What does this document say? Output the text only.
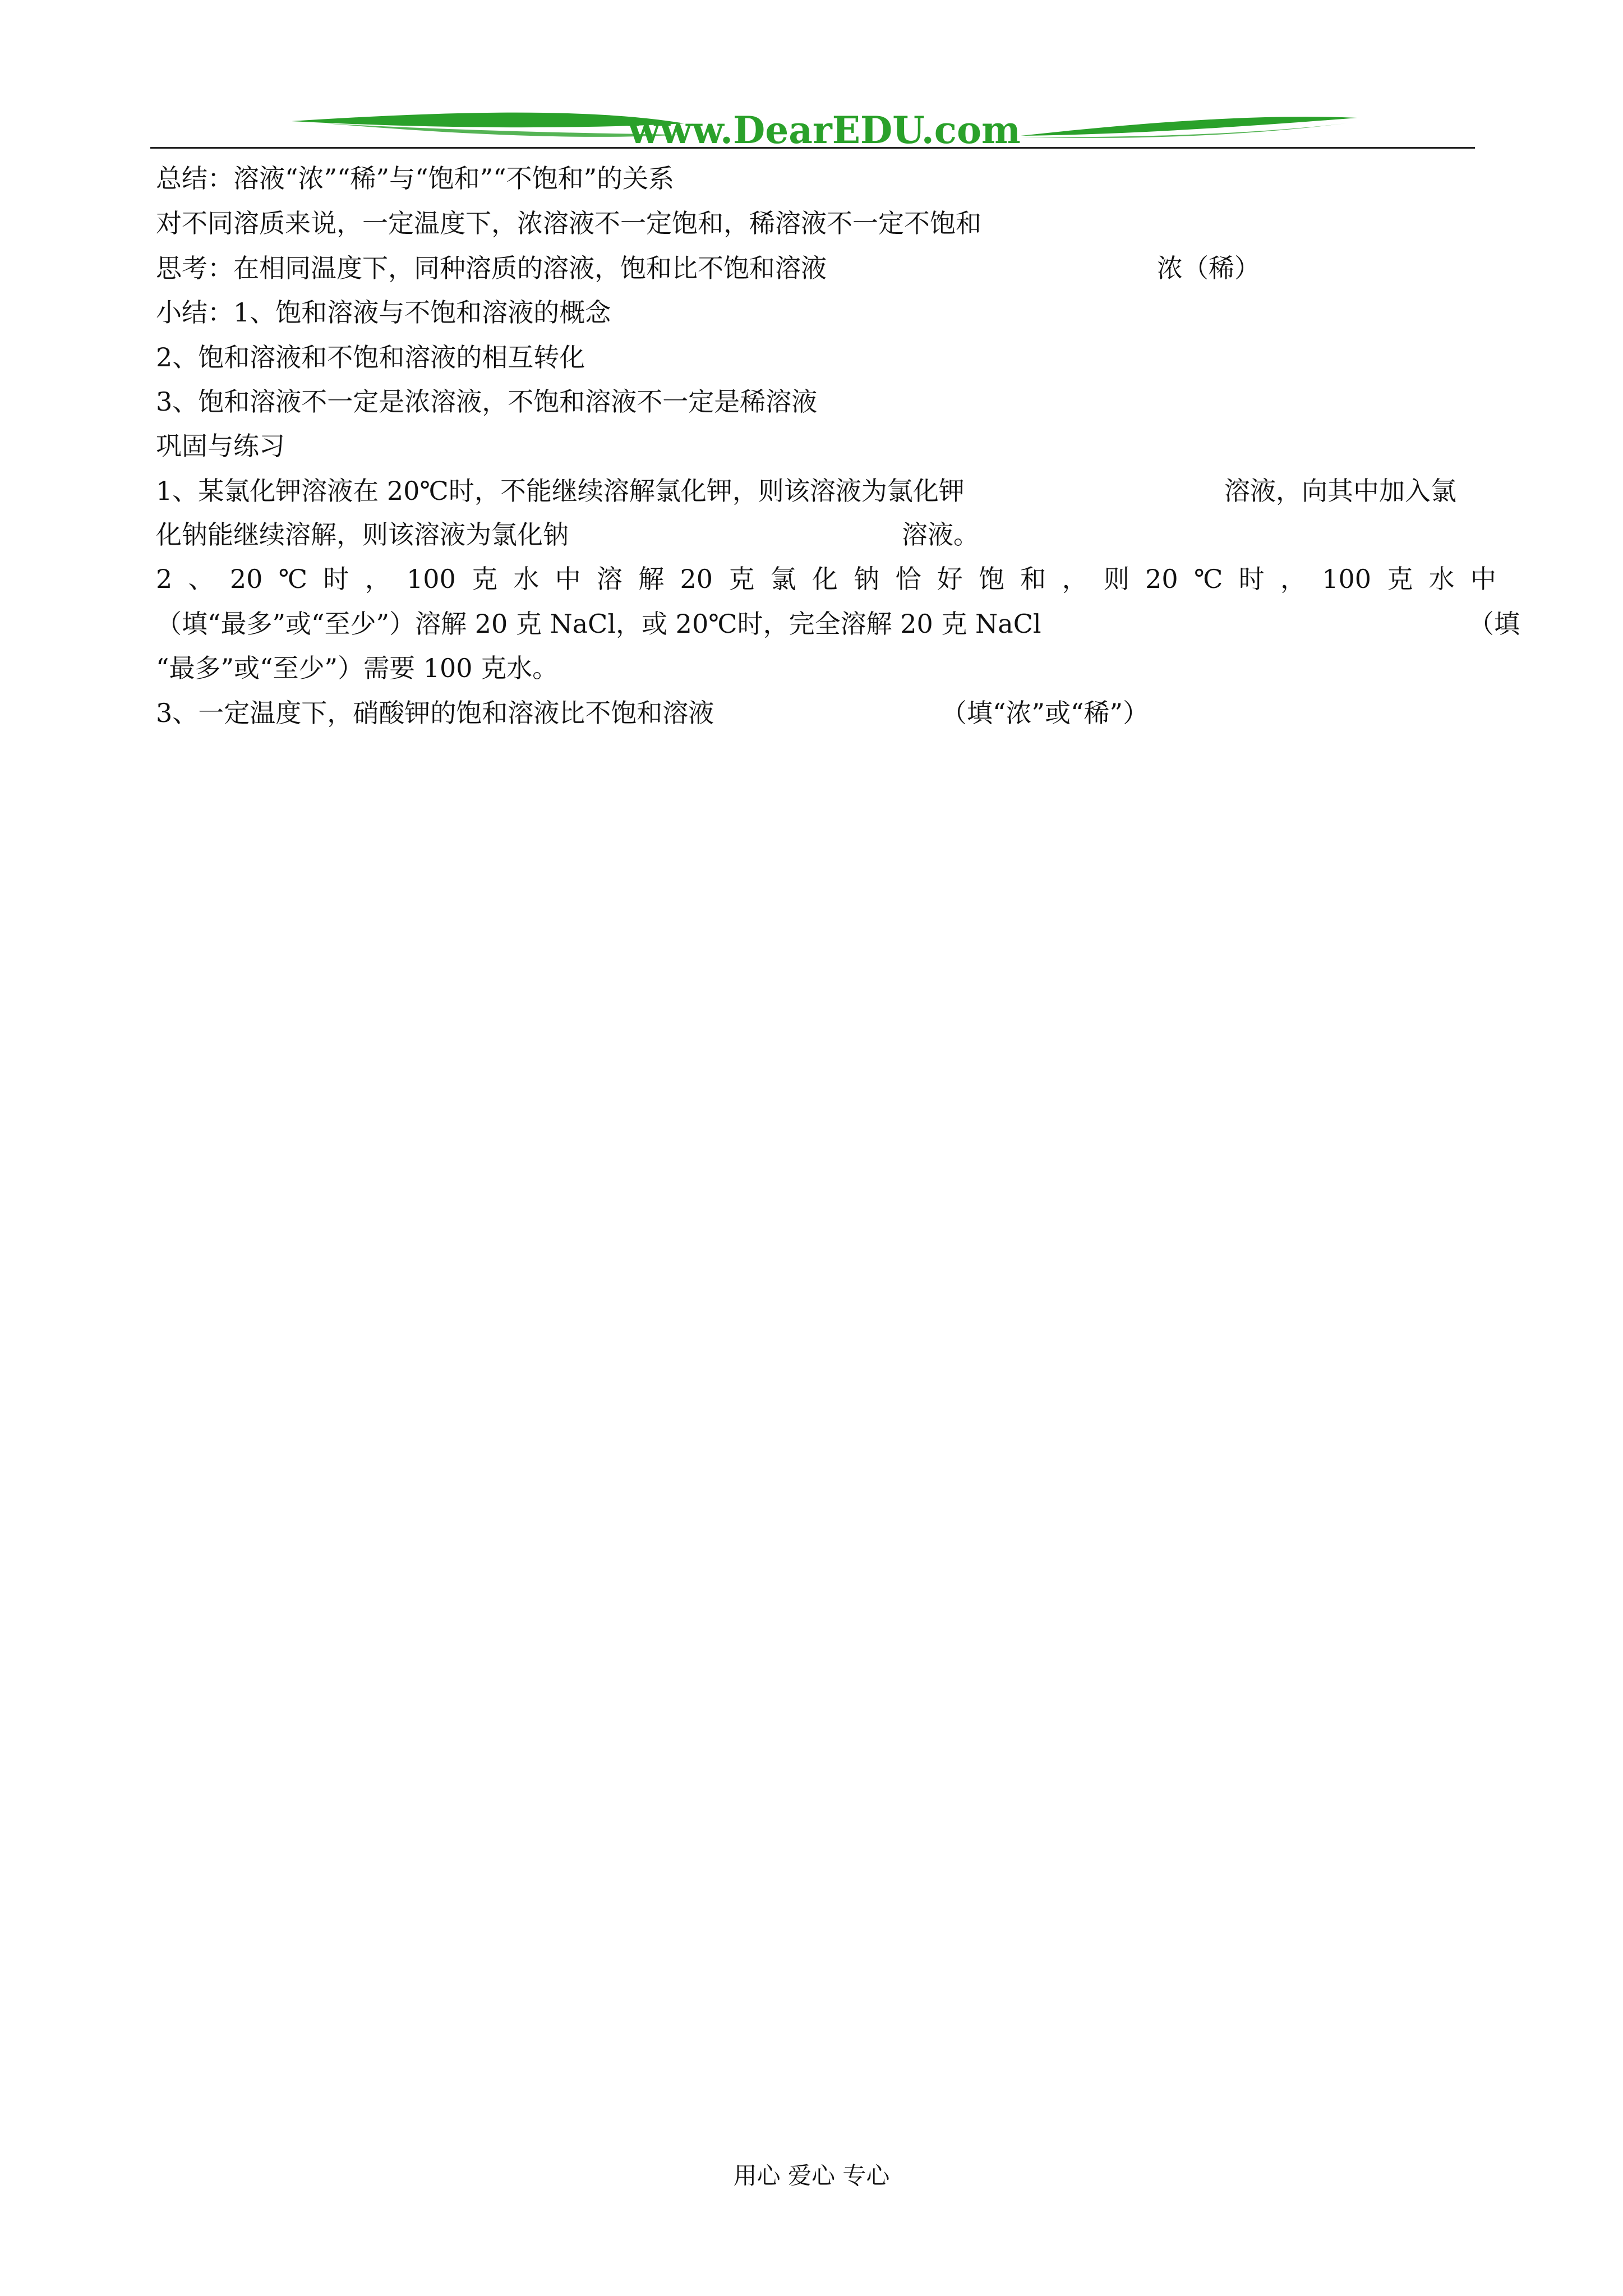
www.DearEDU.com
总结：溶液“浓”“稀”与“饱和”“不饱和”的关系
对不同溶质来说，一定温度下，浓溶液不一定饱和，稀溶液不一定不饱和
思考：在相同温度下，同种溶质的溶液，饱和比不饱和溶液	浓（稀）
小结：1、饱和溶液与不饱和溶液的概念
2、饱和溶液和不饱和溶液的相互转化
3、饱和溶液不一定是浓溶液，不饱和溶液不一定是稀溶液
巩固与练习
1、某氯化钾溶液在 20℃时，不能继续溶解氯化钾，则该溶液为氯化钾	溶液，向其中加入氯
化钠能继续溶解，则该溶液为氯化钠	溶液。
2 、 20 ℃ 时 ， 100 克 水 中 溶 解 20 克 氯 化 钠 恰 好 饱 和 ， 则 20 ℃ 时 ， 100 克 水 中
（填“最多”或“至少”）溶解 20 克 NaCl，或 20℃时，完全溶解 20 克 NaCl	（填
“最多”或“至少”）需要 100 克水。
3、一定温度下，硝酸钾的饱和溶液比不饱和溶液	（填“浓”或“稀”）
用心 爱心 专心
